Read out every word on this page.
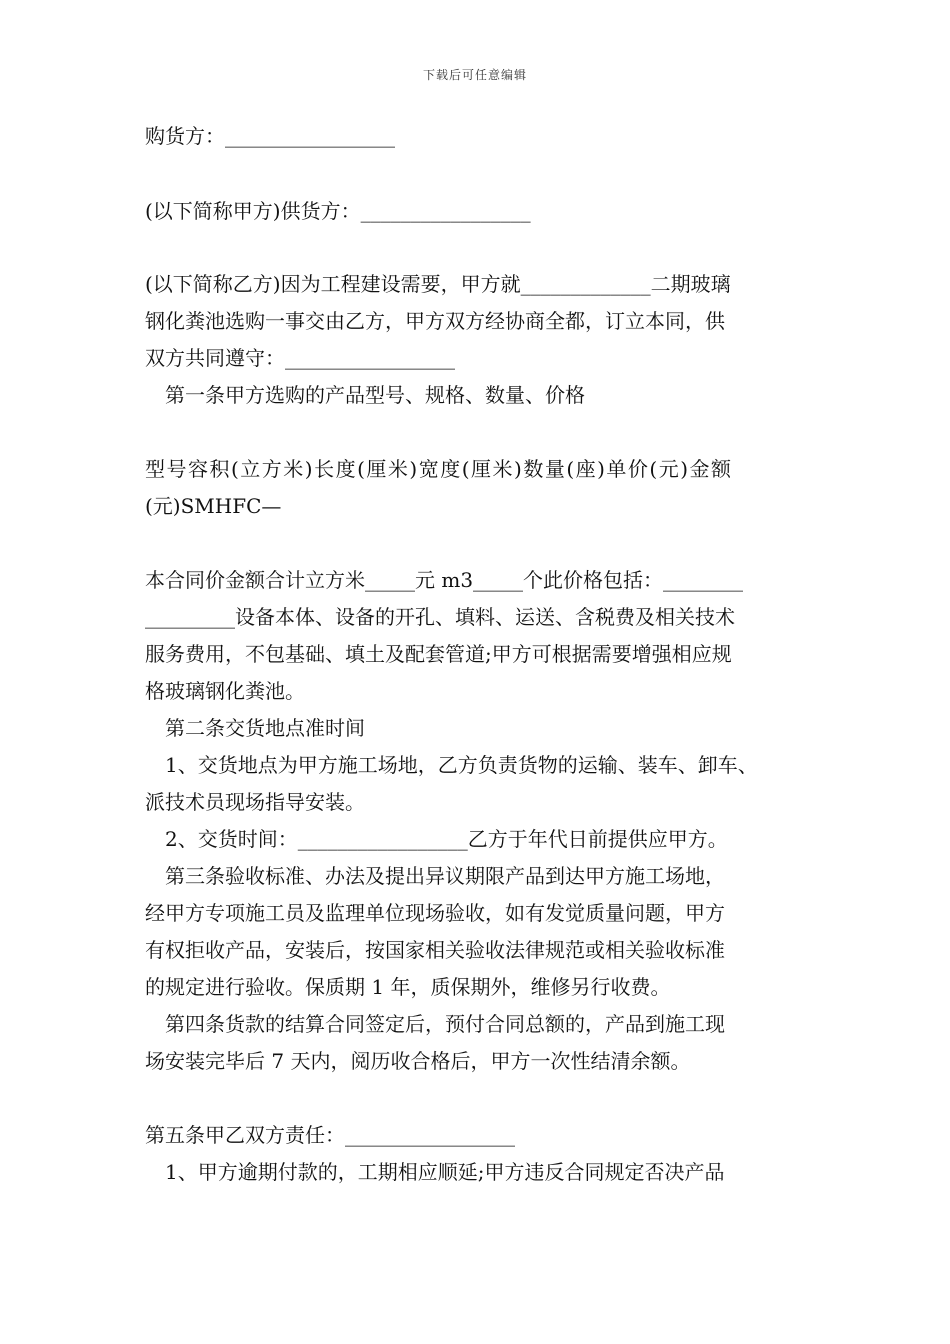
下载后可任意编辑
购货方：_________________
(以下简称甲方)供货方：_________________
(以下简称乙方)因为工程建设需要，甲方就_____________二期玻璃
钢化粪池选购一事交由乙方，甲方双方经协商全都，订立本同，供
双方共同遵守：_________________
第一条甲方选购的产品型号、规格、数量、价格
型号容积(立方米)长度(厘米)宽度(厘米)数量(座)单价(元)金额
(元)SMHFC—
本合同价金额合计立方米_____元 m3_____个此价格包括：________
_________设备本体、设备的开孔、填料、运送、含税费及相关技术
服务费用，不包基础、填土及配套管道;甲方可根据需要增强相应规
格玻璃钢化粪池。
第二条交货地点准时间
1、交货地点为甲方施工场地，乙方负责货物的运输、装车、卸车、
派技术员现场指导安装。
2、交货时间：_________________乙方于年代日前提供应甲方。
第三条验收标准、办法及提出异议期限产品到达甲方施工场地，
经甲方专项施工员及监理单位现场验收，如有发觉质量问题，甲方
有权拒收产品，安装后，按国家相关验收法律规范或相关验收标准
的规定进行验收。保质期 1 年，质保期外，维修另行收费。
第四条货款的结算合同签定后，预付合同总额的，产品到施工现
场安装完毕后 7 天内，阅历收合格后，甲方一次性结清余额。
第五条甲乙双方责任：_________________
1、甲方逾期付款的，工期相应顺延;甲方违反合同规定否决产品
